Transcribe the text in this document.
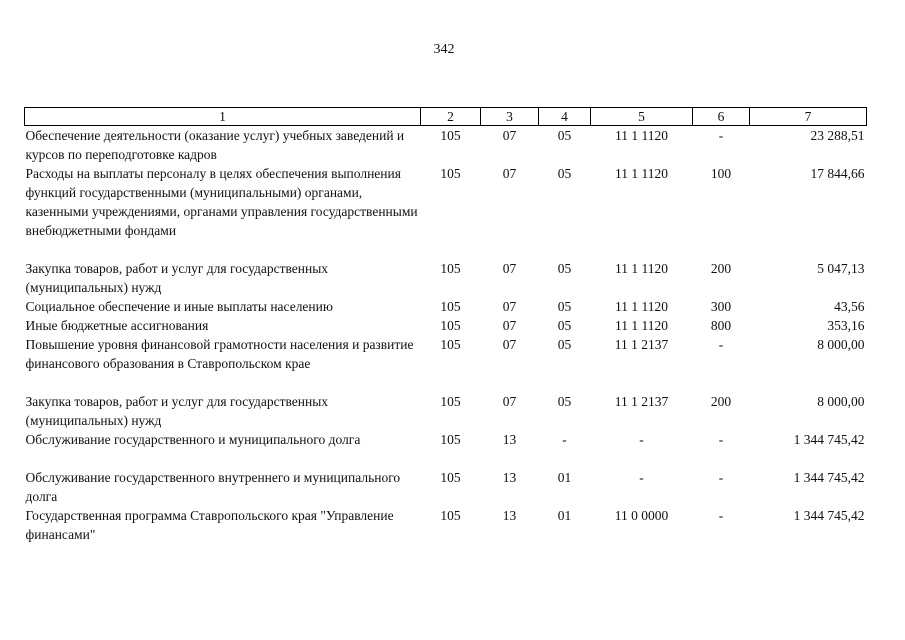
342
1	2	3	4	5	6	7
Обеспечение деятельности (оказание услуг) учебных заведений и курсов по переподготовке кадров	105	07	05	11 1 1120	-	23 288,51
Расходы на выплаты персоналу в целях обеспечения выполнения функций государственными (муниципальными) органами, казенными учреждениями, органами управления государственными внебюджетными фондами	105	07	05	11 1 1120	100	17 844,66

Закупка товаров, работ и услуг для государственных (муниципальных) нужд	105	07	05	11 1 1120	200	5 047,13
Социальное обеспечение и иные выплаты населению	105	07	05	11 1 1120	300	43,56
Иные бюджетные ассигнования	105	07	05	11 1 1120	800	353,16
Повышение уровня финансовой грамотности населения и развитие финансового образования в Ставропольском крае	105	07	05	11 1 2137	-	8 000,00

Закупка товаров, работ и услуг для государственных (муниципальных) нужд	105	07	05	11 1 2137	200	8 000,00
Обслуживание государственного и муниципального долга	105	13	-	-	-	1 344 745,42

Обслуживание государственного внутреннего и муниципального долга	105	13	01	-	-	1 344 745,42
Государственная программа Ставропольского края "Управление финансами"	105	13	01	11 0 0000	-	1 344 745,42
